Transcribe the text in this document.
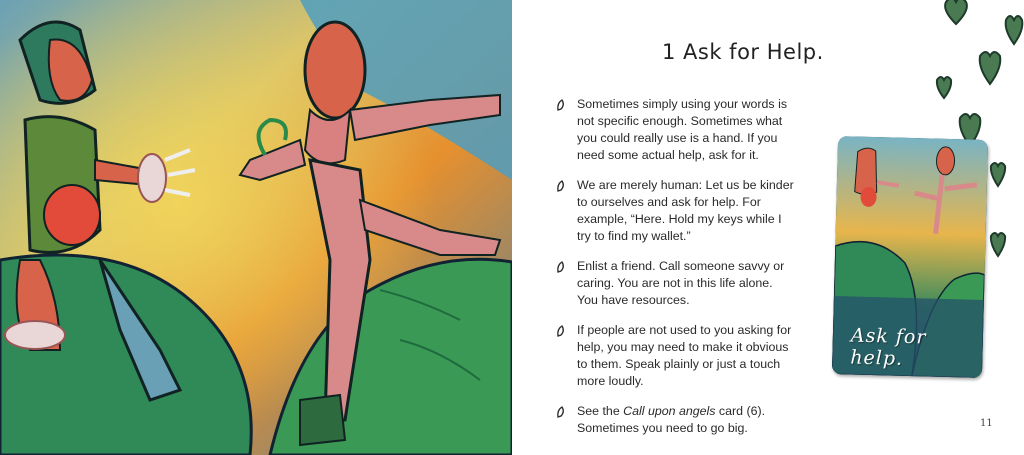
1 Ask for Help.
Sometimes simply using your words is not specific enough. Sometimes what you could really use is a hand. If you need some actual help, ask for it.
We are merely human: Let us be kinder to ourselves and ask for help. For example, “Here. Hold my keys while I try to find my wallet.”
Enlist a friend. Call someone savvy or caring. You are not in this life alone. You have resources.
If people are not used to you asking for help, you may need to make it obvious to them. Speak plainly or just a touch more loudly.
See the Call upon angels card (6). Sometimes you need to go big.
Ask for help.
11
